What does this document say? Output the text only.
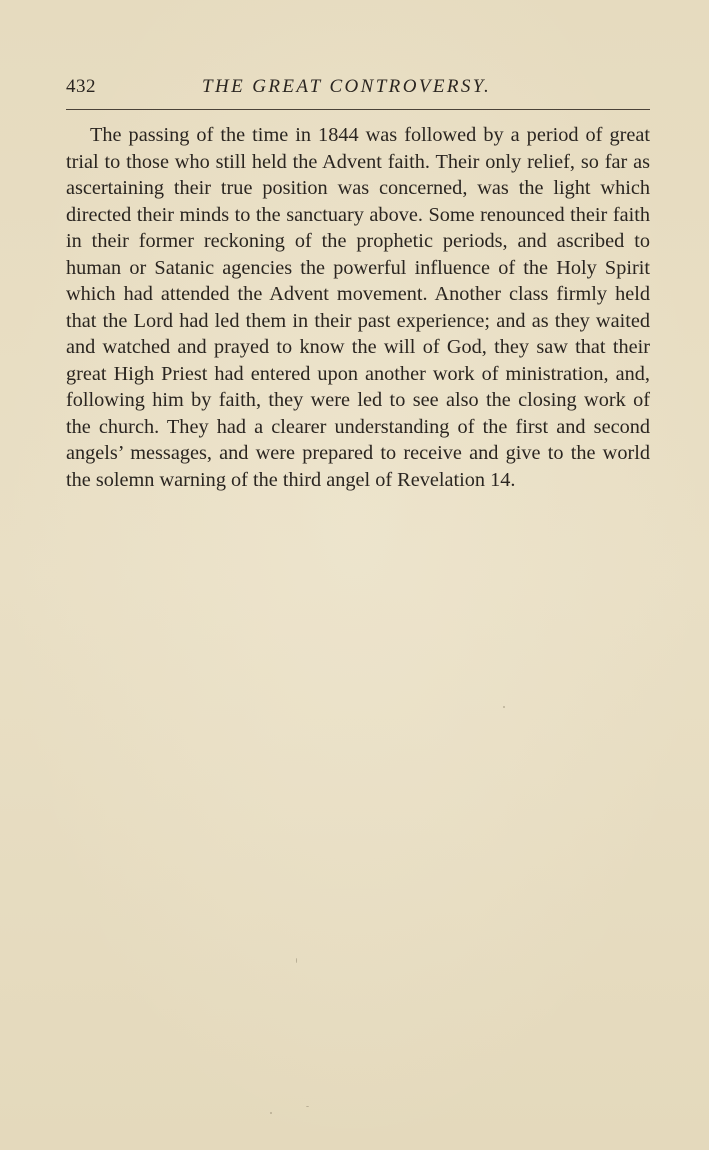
432	THE GREAT CONTROVERSY.

The passing of the time in 1844 was followed by a period of great trial to those who still held the Advent faith. Their only relief, so far as ascertaining their true position was concerned, was the light which directed their minds to the sanctuary above. Some renounced their faith in their former reckoning of the prophetic periods, and ascribed to human or Satanic agencies the powerful influence of the Holy Spirit which had attended the Advent movement. Another class firmly held that the Lord had led them in their past experience; and as they waited and watched and prayed to know the will of God, they saw that their great High Priest had entered upon another work of ministration, and, following him by faith, they were led to see also the closing work of the church. They had a clearer understanding of the first and second angels’ messages, and were prepared to receive and give to the world the solemn warning of the third angel of Revelation 14.
